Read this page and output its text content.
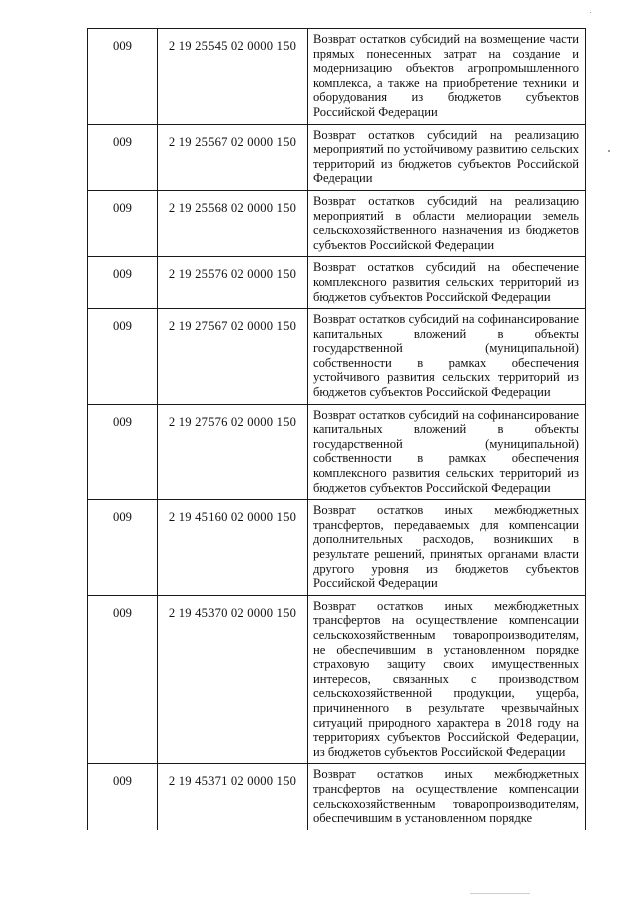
009	2 19 25545 02 0000 150	Возврат остатков субсидий на возмещение части прямых понесенных затрат на создание и модернизацию объектов агропромышленного комплекса, а также на приобретение техники и оборудования из бюджетов субъектов Российской Федерации
009	2 19 25567 02 0000 150	Возврат остатков субсидий на реализацию мероприятий по устойчивому развитию сельских территорий из бюджетов субъектов Российской Федерации
009	2 19 25568 02 0000 150	Возврат остатков субсидий на реализацию мероприятий в области мелиорации земель сельскохозяйственного назначения из бюджетов субъектов Российской Федерации
009	2 19 25576 02 0000 150	Возврат остатков субсидий на обеспечение комплексного развития сельских территорий из бюджетов субъектов Российской Федерации
009	2 19 27567 02 0000 150	Возврат остатков субсидий на софинансирование капитальных вложений в объекты государственной (муниципальной) собственности в рамках обеспечения устойчивого развития сельских территорий из бюджетов субъектов Российской Федерации
009	2 19 27576 02 0000 150	Возврат остатков субсидий на софинансирование капитальных вложений в объекты государственной (муниципальной) собственности в рамках обеспечения комплексного развития сельских территорий из бюджетов субъектов Российской Федерации
009	2 19 45160 02 0000 150	Возврат остатков иных межбюджетных трансфертов, передаваемых для компенсации дополнительных расходов, возникших в результате решений, принятых органами власти другого уровня из бюджетов субъектов Российской Федерации
009	2 19 45370 02 0000 150	Возврат остатков иных межбюджетных трансфертов на осуществление компенсации сельскохозяйственным товаропроизводителям, не обеспечившим в установленном порядке страховую защиту своих имущественных интересов, связанных с производством сельскохозяйственной продукции, ущерба, причиненного в результате чрезвычайных ситуаций природного характера в 2018 году на территориях субъектов Российской Федерации, из бюджетов субъектов Российской Федерации
009	2 19 45371 02 0000 150	Возврат остатков иных межбюджетных трансфертов на осуществление компенсации сельскохозяйственным товаропроизводителям, обеспечившим в установленном порядке
